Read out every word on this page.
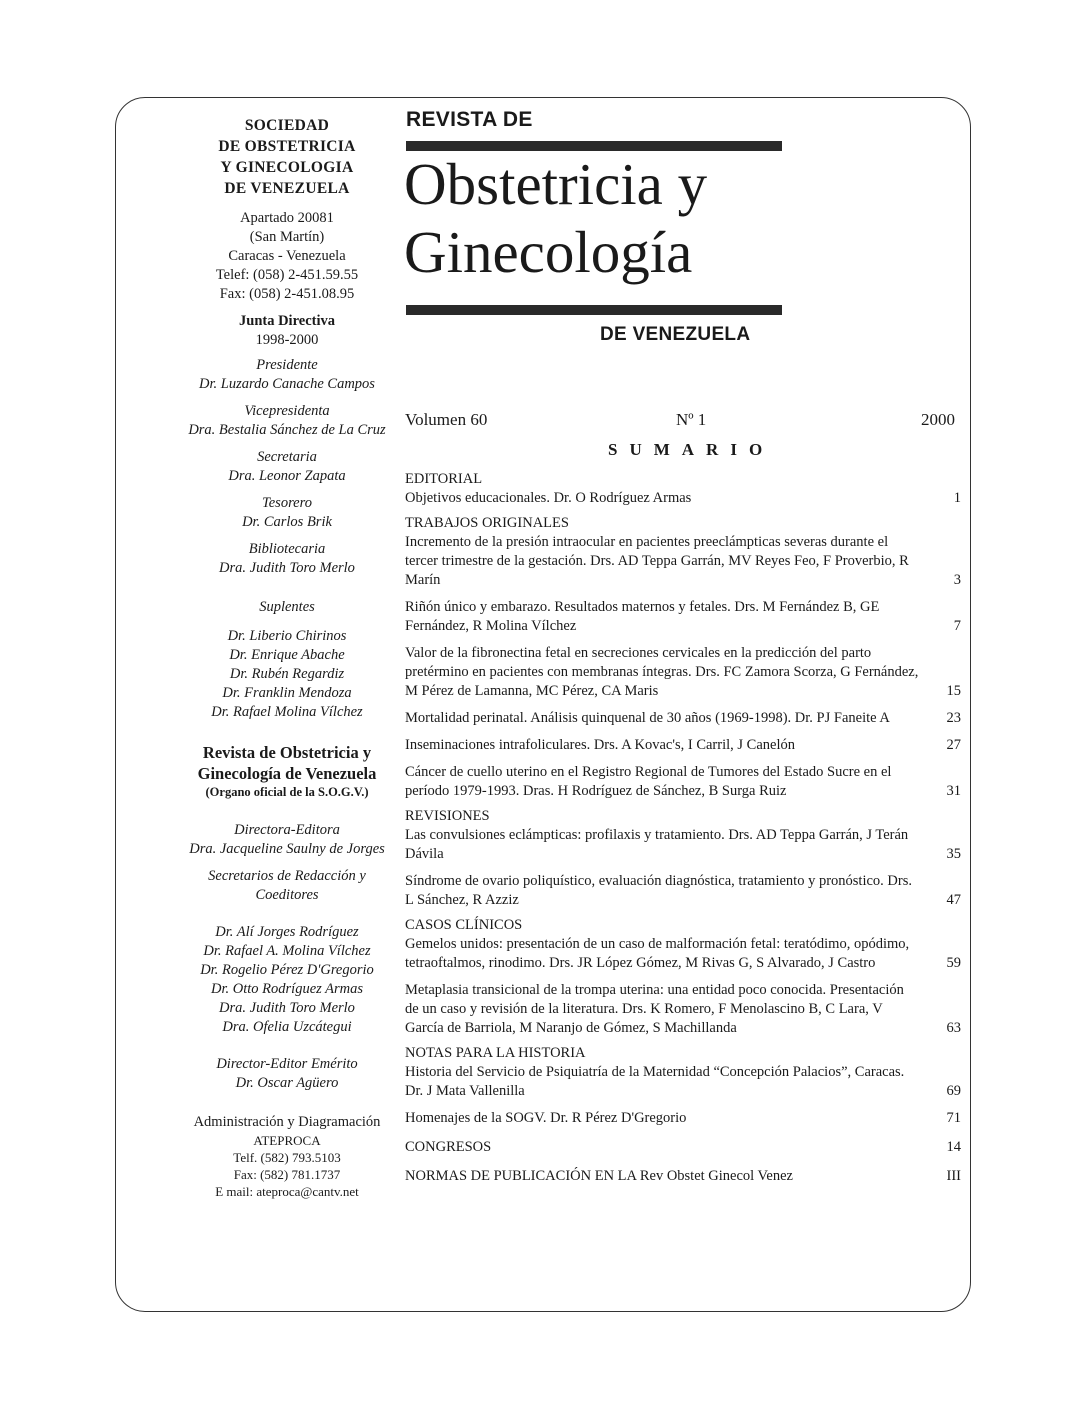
SOCIEDAD
DE OBSTETRICIA
Y GINECOLOGIA
DE VENEZUELA
Apartado 20081
(San Martín)
Caracas - Venezuela
Telef: (058) 2-451.59.55
Fax: (058) 2-451.08.95
Junta Directiva
1998-2000
Presidente
Dr. Luzardo Canache Campos
Vicepresidenta
Dra. Bestalia Sánchez de La Cruz
Secretaria
Dra. Leonor Zapata
Tesorero
Dr. Carlos Brik
Bibliotecaria
Dra. Judith Toro Merlo
Suplentes
Dr. Liberio Chirinos
Dr. Enrique Abache
Dr. Rubén Regardiz
Dr. Franklin Mendoza
Dr. Rafael Molina Vílchez
Revista de Obstetricia y
Ginecología de Venezuela
(Organo oficial de la S.O.G.V.)
Directora-Editora
Dra. Jacqueline Saulny de Jorges
Secretarios de Redacción y
Coeditores
Dr. Alí Jorges Rodríguez
Dr. Rafael A. Molina Vílchez
Dr. Rogelio Pérez D'Gregorio
Dr. Otto Rodríguez Armas
Dra. Judith Toro Merlo
Dra. Ofelia Uzcátegui
Director-Editor Emérito
Dr. Oscar Agüero
Administración y Diagramación
ATEPROCA
Telf. (582) 793.5103
Fax: (582) 781.1737
E mail: ateproca@cantv.net
REVISTA DE
Obstetricia y
Ginecología
DE VENEZUELA
Volumen 60	Nº 1	2000
SUMARIO
EDITORIAL
Objetivos educacionales. Dr. O Rodríguez Armas	1
TRABAJOS ORIGINALES
Incremento de la presión intraocular en pacientes preeclámpticas severas durante el tercer trimestre de la gestación. Drs. AD Teppa Garrán, MV Reyes Feo, F Proverbio, R Marín	3
Riñón único y embarazo. Resultados maternos y fetales. Drs. M Fernández B, GE Fernández, R Molina Vílchez	7
Valor de la fibronectina fetal en secreciones cervicales en la predicción del parto pretérmino en pacientes con membranas íntegras. Drs. FC Zamora Scorza, G Fernández, M Pérez de Lamanna, MC Pérez, CA Maris	15
Mortalidad perinatal. Análisis quinquenal de 30 años (1969-1998). Dr. PJ Faneite A	23
Inseminaciones intrafoliculares. Drs. A Kovac's, I Carril, J Canelón	27
Cáncer de cuello uterino en el Registro Regional de Tumores del Estado Sucre en el período 1979-1993. Dras. H Rodríguez de Sánchez, B Surga Ruiz	31
REVISIONES
Las convulsiones eclámpticas: profilaxis y tratamiento. Drs. AD Teppa Garrán, J Terán Dávila	35
Síndrome de ovario poliquístico, evaluación diagnóstica, tratamiento y pronóstico. Drs. L Sánchez, R Azziz	47
CASOS CLÍNICOS
Gemelos unidos: presentación de un caso de malformación fetal: teratódimo, opódimo, tetraoftalmos, rinodimo. Drs. JR López Gómez, M Rivas G, S Alvarado, J Castro	59
Metaplasia transicional de la trompa uterina: una entidad poco conocida. Presentación de un caso y revisión de la literatura. Drs. K Romero, F Menolascino B, C Lara, V García de Barriola, M Naranjo de Gómez, S Machillanda	63
NOTAS PARA LA HISTORIA
Historia del Servicio de Psiquiatría de la Maternidad “Concepción Palacios”, Caracas. Dr. J Mata Vallenilla	69
Homenajes de la SOGV. Dr. R Pérez D'Gregorio	71
CONGRESOS	14
NORMAS DE PUBLICACIÓN EN LA Rev Obstet Ginecol Venez	III
